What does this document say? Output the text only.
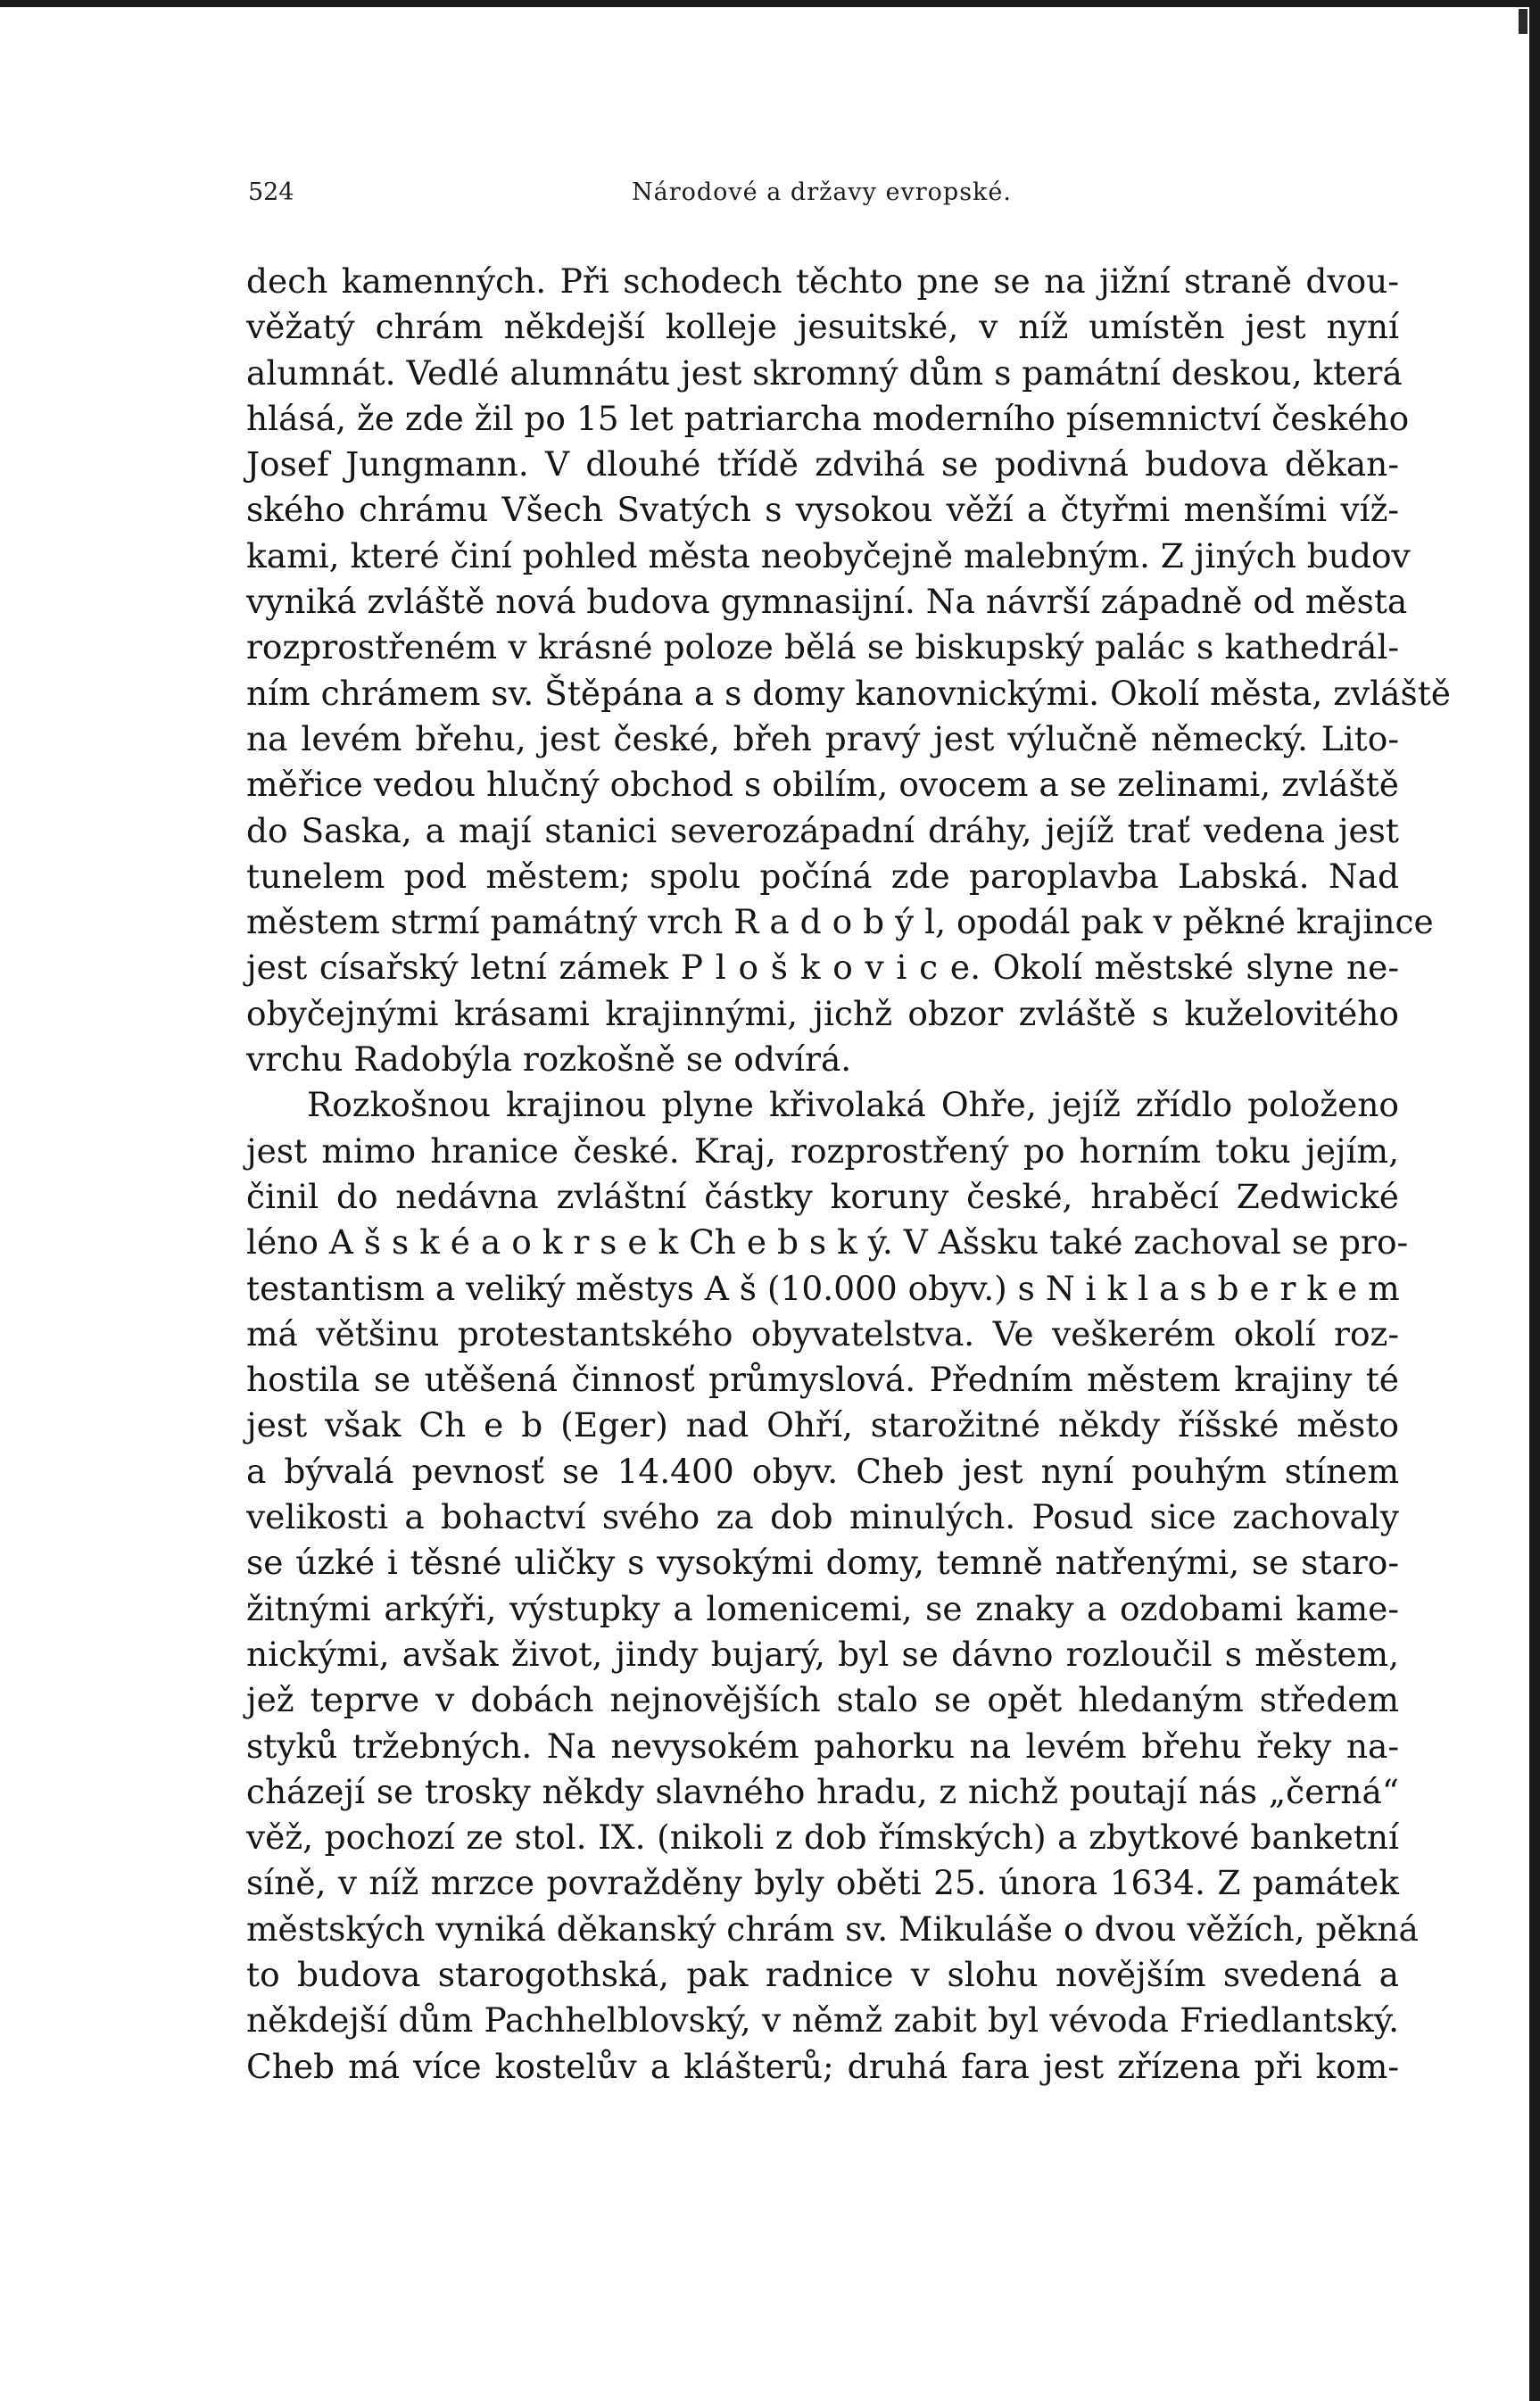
524	Národové a državy evropské.
dech kamenných. Při schodech těchto pne se na jižní straně dvou-
věžatý chrám někdejší kolleje jesuitské, v níž umístěn jest nyní
alumnát. Vedlé alumnátu jest skromný dům s památní deskou, která
hlásá, že zde žil po 15 let patriarcha moderního písemnictví českého
Josef Jungmann. V dlouhé třídě zdvihá se podivná budova děkan-
ského chrámu Všech Svatých s vysokou věží a čtyřmi menšími víž-
kami, které činí pohled města neobyčejně malebným. Z jiných budov
vyniká zvláště nová budova gymnasijní. Na návrší západně od města
rozprostřeném v krásné poloze bělá se biskupský palác s kathedrál-
ním chrámem sv. Štěpána a s domy kanovnickými. Okolí města, zvláště
na levém břehu, jest české, břeh pravý jest výlučně německý. Lito-
měřice vedou hlučný obchod s obilím, ovocem a se zelinami, zvláště
do Saska, a mají stanici severozápadní dráhy, jejíž trať vedena jest
tunelem pod městem; spolu počíná zde paroplavba Labská. Nad
městem strmí památný vrch R a d o b ý l, opodál pak v pěkné krajince
jest císařský letní zámek P l o š k o v i c e. Okolí městské slyne ne-
obyčejnými krásami krajinnými, jichž obzor zvláště s kuželovitého
vrchu Radobýla rozkošně se odvírá.
Rozkošnou krajinou plyne křivolaká Ohře, jejíž zřídlo položeno
jest mimo hranice české. Kraj, rozprostřený po horním toku jejím,
činil do nedávna zvláštní částky koruny české, hraběcí Zedwické
léno A š s k é a o k r s e k Ch e b s k ý. V Ašsku také zachoval se pro-
testantism a veliký městys A š (10.000 obyv.) s N i k l a s b e r k e m
má většinu protestantského obyvatelstva. Ve veškerém okolí roz-
hostila se utěšená činnosť průmyslová. Předním městem krajiny té
jest však Ch e b (Eger) nad Ohří, starožitné někdy říšské město
a bývalá pevnosť se 14.400 obyv. Cheb jest nyní pouhým stínem
velikosti a bohactví svého za dob minulých. Posud sice zachovaly
se úzké i těsné uličky s vysokými domy, temně natřenými, se staro-
žitnými arkýři, výstupky a lomenicemi, se znaky a ozdobami kame-
nickými, avšak život, jindy bujarý, byl se dávno rozloučil s městem,
jež teprve v dobách nejnovějších stalo se opět hledaným středem
styků tržebných. Na nevysokém pahorku na levém břehu řeky na-
cházejí se trosky někdy slavného hradu, z nichž poutají nás „černá“
věž, pochozí ze stol. IX. (nikoli z dob římských) a zbytkové banketní
síně, v níž mrzce povražděny byly oběti 25. února 1634. Z památek
městských vyniká děkanský chrám sv. Mikuláše o dvou věžích, pěkná
to budova starogothská, pak radnice v slohu novějším svedená a
někdejší dům Pachhelblovský, v němž zabit byl vévoda Friedlantský.
Cheb má více kostelův a klášterů; druhá fara jest zřízena při kom-
